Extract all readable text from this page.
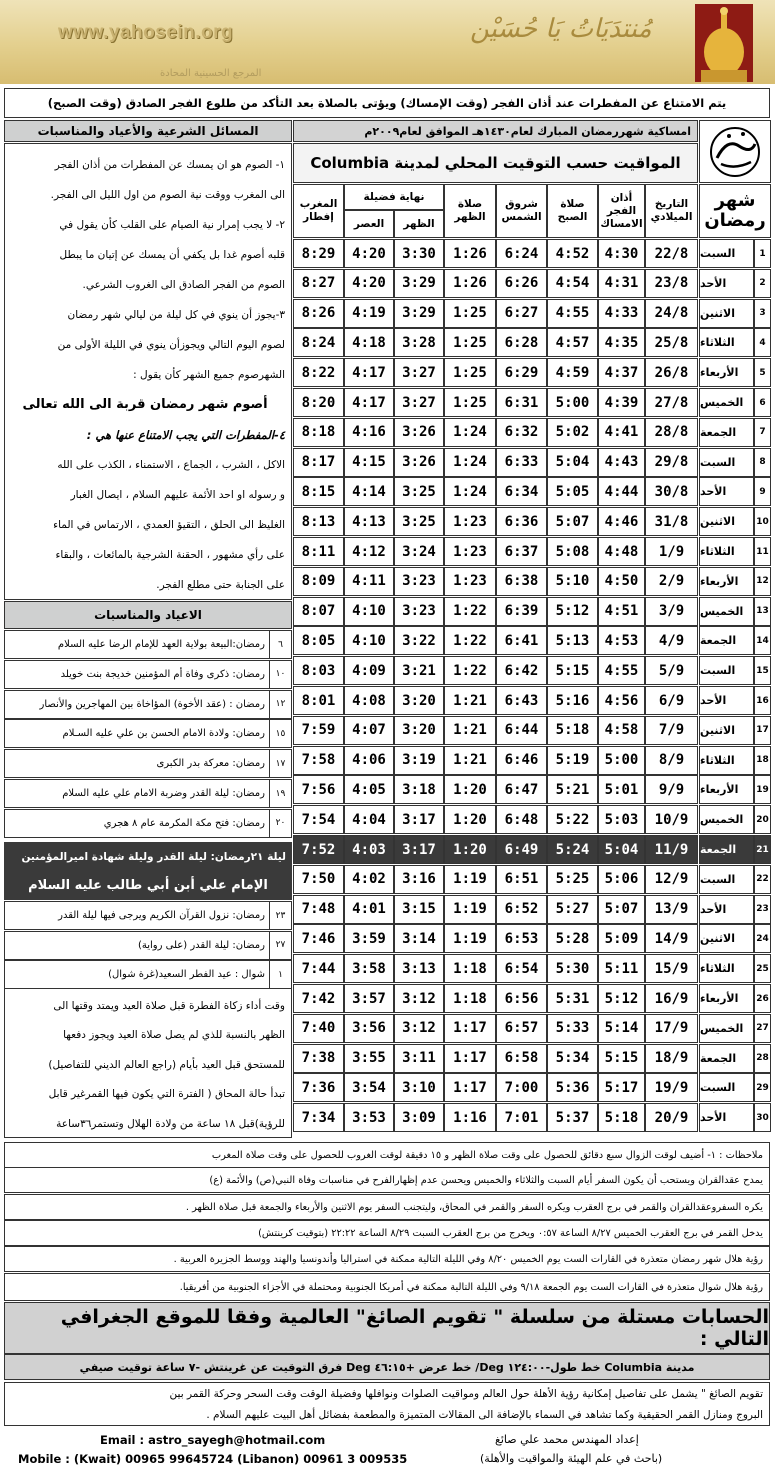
www.yahosein.org
المرجع الحسينية المحادة
مُنتدَيَاتُ يَا حُسَيْن
يتم الامتناع عن المفطرات عند أذان الفجر (وقت الإمساك) ويؤتى بالصلاة بعد التأكد من طلوع الفجر الصادق (وقت الصبح)
امساكية شهررمضان المبارك لعام١٤٣٠هـ الموافق لعام٢٠٠٩م
المواقيت حسب التوقيت المحلي لمدينة Columbia
شهر رمضان
التاريخ الميلادي
أذان الفجر الامساك
صلاة الصبح
شروق الشمس
صلاة الظهر
نهاية فضيلة
الظهر
العصر
المغرب إفطار
1
السبت
22/8
4:30
4:52
6:24
1:26
3:30
4:20
8:29
2
الأحد
23/8
4:31
4:54
6:26
1:26
3:29
4:20
8:27
3
الاثنين
24/8
4:33
4:55
6:27
1:25
3:29
4:19
8:26
4
الثلاثاء
25/8
4:35
4:57
6:28
1:25
3:28
4:18
8:24
5
الأربعاء
26/8
4:37
4:59
6:29
1:25
3:27
4:17
8:22
6
الخميس
27/8
4:39
5:00
6:31
1:25
3:27
4:17
8:20
7
الجمعة
28/8
4:41
5:02
6:32
1:24
3:26
4:16
8:18
8
السبت
29/8
4:43
5:04
6:33
1:24
3:26
4:15
8:17
9
الأحد
30/8
4:44
5:05
6:34
1:24
3:25
4:14
8:15
10
الاثنين
31/8
4:46
5:07
6:36
1:23
3:25
4:13
8:13
11
الثلاثاء
1/9
4:48
5:08
6:37
1:23
3:24
4:12
8:11
12
الأربعاء
2/9
4:50
5:10
6:38
1:23
3:23
4:11
8:09
13
الخميس
3/9
4:51
5:12
6:39
1:22
3:23
4:10
8:07
14
الجمعة
4/9
4:53
5:13
6:41
1:22
3:22
4:10
8:05
15
السبت
5/9
4:55
5:15
6:42
1:22
3:21
4:09
8:03
16
الأحد
6/9
4:56
5:16
6:43
1:21
3:20
4:08
8:01
17
الاثنين
7/9
4:58
5:18
6:44
1:21
3:20
4:07
7:59
18
الثلاثاء
8/9
5:00
5:19
6:46
1:21
3:19
4:06
7:58
19
الأربعاء
9/9
5:01
5:21
6:47
1:20
3:18
4:05
7:56
20
الخميس
10/9
5:03
5:22
6:48
1:20
3:17
4:04
7:54
21
الجمعة
11/9
5:04
5:24
6:49
1:20
3:17
4:03
7:52
22
السبت
12/9
5:06
5:25
6:51
1:19
3:16
4:02
7:50
23
الأحد
13/9
5:07
5:27
6:52
1:19
3:15
4:01
7:48
24
الاثنين
14/9
5:09
5:28
6:53
1:19
3:14
3:59
7:46
25
الثلاثاء
15/9
5:11
5:30
6:54
1:18
3:13
3:58
7:44
26
الأربعاء
16/9
5:12
5:31
6:56
1:18
3:12
3:57
7:42
27
الخميس
17/9
5:14
5:33
6:57
1:17
3:12
3:56
7:40
28
الجمعة
18/9
5:15
5:34
6:58
1:17
3:11
3:55
7:38
29
السبت
19/9
5:17
5:36
7:00
1:17
3:10
3:54
7:36
30
الأحد
20/9
5:18
5:37
7:01
1:16
3:09
3:53
7:34
المسائل الشرعية والأعياد والمناسبات
١- الصوم هو ان يمسك عن المفطرات من أذان الفجر
الى المغرب ووقت نية الصوم من اول الليل الى الفجر.
٢- لا يجب إمرار نية الصيام على القلب كأن يقول في
قلبه أصوم غدا بل يكفي أن يمسك عن إتيان ما يبطل
الصوم من الفجر الصادق الى الغروب الشرعي.
٣-يجوز أن ينوي في كل ليلة من ليالي شهر رمضان
لصوم اليوم التالي ويجوزأن ينوي في الليلة الأولى من
الشهرصوم جميع الشهر كأن يقول :
أصوم شهر رمضان قربة الى الله تعالى
٤-المفطرات التي يجب الامتناع عنها هي :
الاكل ، الشرب ، الجماع ، الاستمناء ، الكذب على الله
و رسوله او احد الأئمة عليهم السلام ، ايصال الغبار
الغليظ الى الحلق ، التقيؤ العمدي ، الارتماس في الماء
على رأي مشهور ، الحقنة الشرجية بالمائعات ، والبقاء
على الجنابة حتى مطلع الفجر.
الاعياد والمناسبات
٦
رمضان:البيعة بولاية العهد للإمام الرضا عليه السلام
١٠
رمضان: ذكرى وفاة أم المؤمنين خديجة بنت خويلد
١٢
رمضان : (عقد الأخوة) المؤاخاة بين المهاجرين والأنصار
١٥
رمضان: ولادة الامام الحسن بن علي عليه السـلام
١٧
رمضان: معركة بدر الكبرى
١٩
رمضان: ليلة القدر وضربة الامام علي عليه السلام
٢٠
رمضان: فتح مكة المكرمة عام ٨ هجري
ليلة ٢١رمضان: ليلة القدر وليلة شهادة اميرالمؤمنين
الإمام علي أبن أبي طالب عليه السلام
٢٣
رمضان: نزول القرآن الكريم ويرجى فيها ليلة القدر
٢٧
رمضان: ليلة القدر (على رواية)
١
شوال : عيد الفطر السعيد(غرة شوال)
وقت أداء زكاة الفطرة قبل صلاة العيد ويمتد وقتها الى
الظهر بالنسبة للذي لم يصل صلاة العيد ويجوز دفعها
للمستحق قبل العيد بأيام (راجع العالم الديني للتفاصيل)
تبدأ حالة المحاق ( الفترة التي يكون فيها القمرغير قابل
للرؤية)قبل ١٨ ساعة من ولادة الهلال وتستمر٣٦ساعة
ملاحظات : ١- أضيف لوقت الزوال سبع دقائق للحصول على وقت صلاة الظهر و ١٥ دقيقة لوقت الغروب للحصول على وقت صلاة المغرب
يمدح عقدالقران ويستحب أن يكون السفر أيام السبت والثلاثاء والخميس ويحسن عدم إظهارالفرح في مناسبات وفاة النبي(ص) والأئمة (ع)
يكره السفروعقدالقران والقمر في برج العقرب ويكره السفر والقمر في المحاق، وليتجنب السفر يوم الاثنين والأربعاء والجمعة قبل صلاة الظهر .
يدخل القمر في برج العقرب الخميس ٨/٢٧ الساعة ٠:٥٧ ويخرج من برج العقرب السبت ٨/٢٩ الساعة ٢٢:٢٢ (بتوقيت كرينتش)
رؤية هلال شهر رمضان متعذرة في القارات الست يوم الخميس ٨/٢٠ وفي الليلة التالية ممكنة في استراليا وأندونسيا والهند ووسط الجزيرة العربية .
رؤية هلال شوال متعذرة في القارات الست يوم الجمعة ٩/١٨ وفي الليلة التالية ممكنة في أمريكا الجنوبية ومحتملة في الأجزاء الجنوبية من أفريقيا.
الحسابات مستلة من سلسلة " تقويم الصائغ" العالمية وفقا للموقع الجغرافي التالي :
مدينة Columbia خط طول-١٢٤:٠٠ Deg/ خط عرض +٤٦:١٥ Deg فرق التوقيت عن غرينتش -٧ ساعة توقيت صيفي
تقويم الصائغ " يشمل على تفاصيل إمكانية رؤية الأهلة حول العالم ومواقيت الصلوات ونوافلها وفضيلة الوقت وقت السحر وحركة القمر بين
البروج ومنازل القمر الحقيقية وكما تشاهد في السماء بالإضافة الى المقالات المتميزة والمطعمة بفضائل أهل البيت عليهم السلام .
Email : astro_sayegh@hotmail.com
Mobile : (Kwait) 00965 99645724 (Libanon) 00961 3 009535
إعداد المهندس محمد علي صائغ
(باحث في علم الهيئة والمواقيت والأهلة)
